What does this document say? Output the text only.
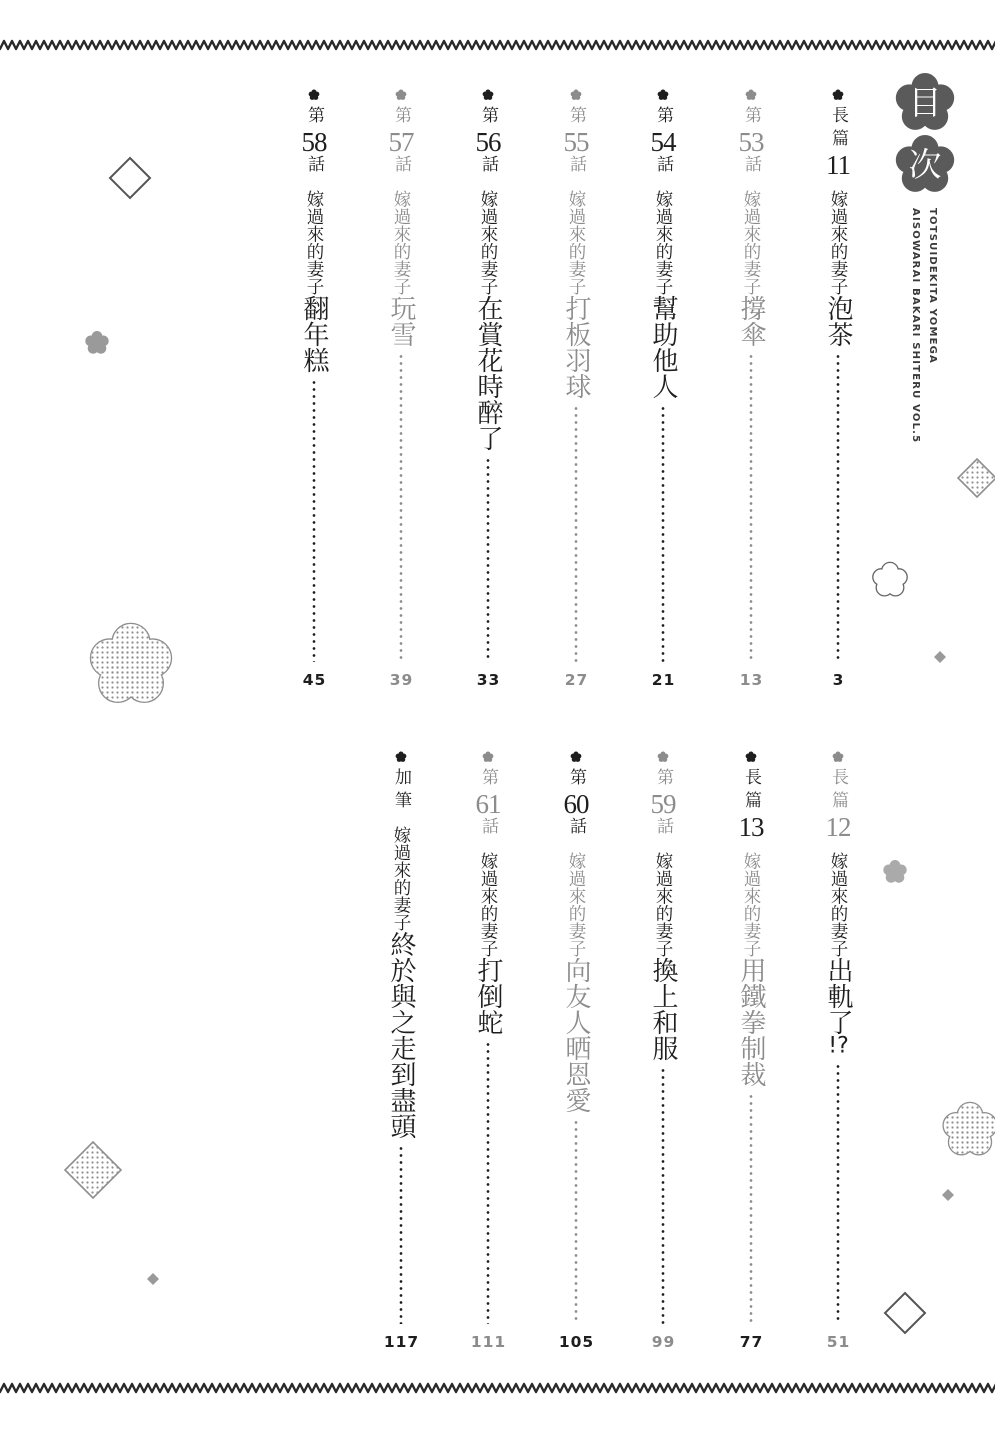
目
次
TOTSUIDEKITA YOMEGA
AISOWARAI BAKARI SHITERU VOL.5
長篇
11
嫁過來的妻子泡茶
3
第
53
話
嫁過來的妻子撐傘
13
第
54
話
嫁過來的妻子幫助他人
21
第
55
話
嫁過來的妻子打板羽球
27
第
56
話
嫁過來的妻子在賞花時醉了
33
第
57
話
嫁過來的妻子玩雪
39
第
58
話
嫁過來的妻子翻年糕
45
長篇
12
嫁過來的妻子出軌了!?
51
長篇
13
嫁過來的妻子用鐵拳制裁
77
第
59
話
嫁過來的妻子換上和服
99
第
60
話
嫁過來的妻子向友人晒恩愛
105
第
61
話
嫁過來的妻子打倒蛇
111
加筆
嫁過來的妻子終於與之走到盡頭
117
